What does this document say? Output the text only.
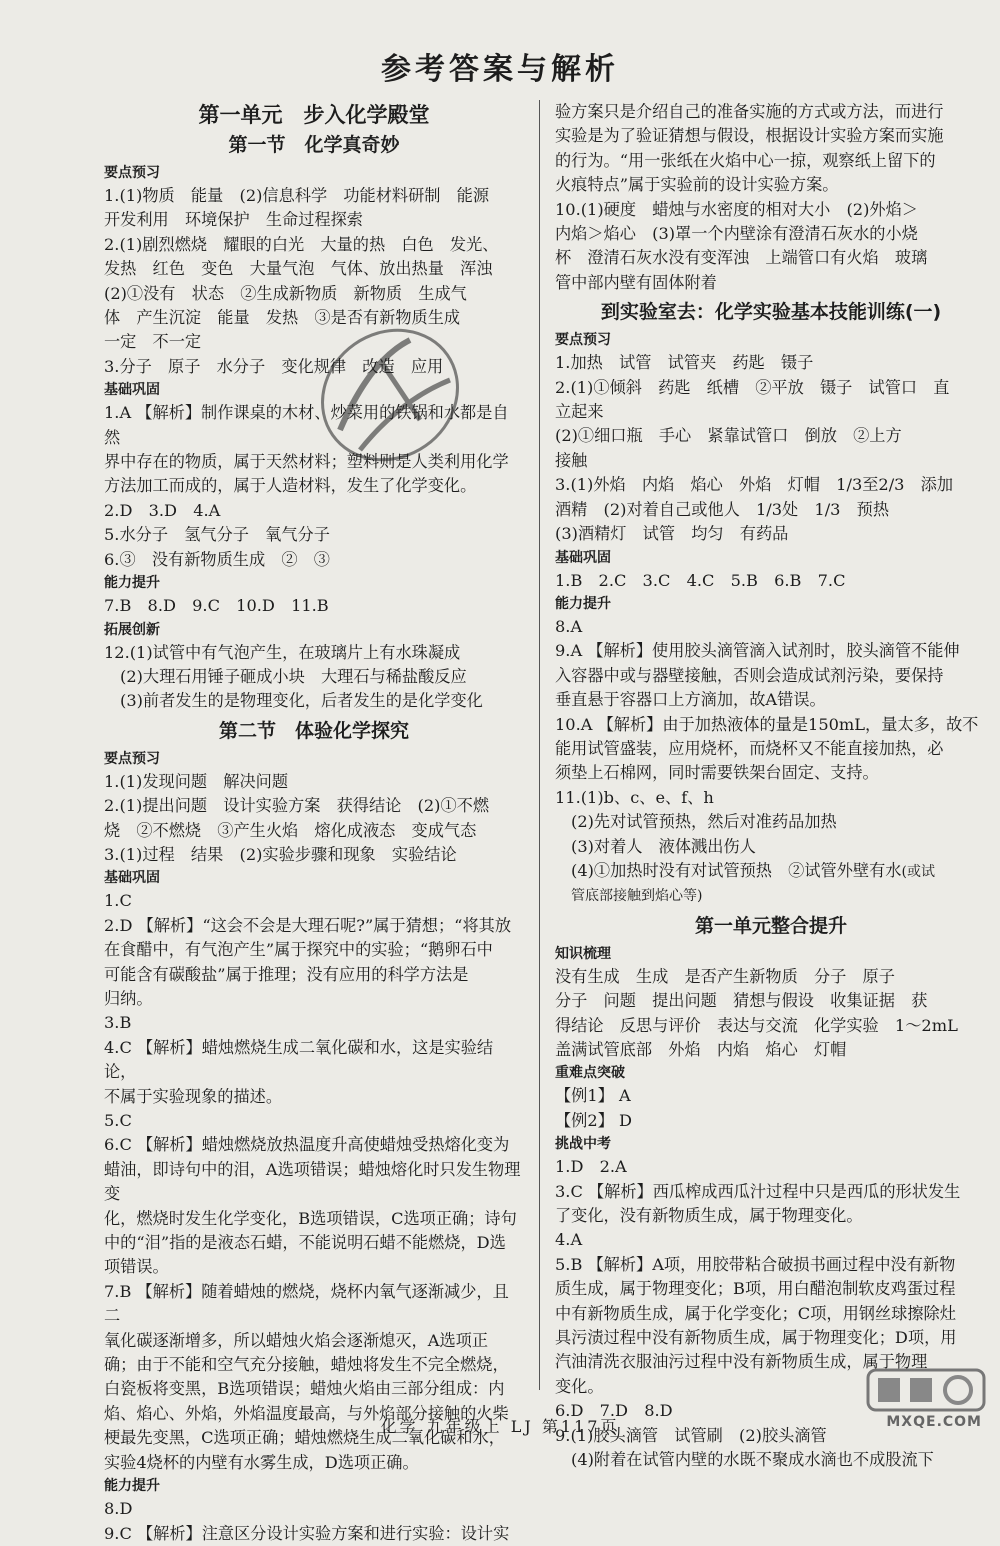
参考答案与解析

第一单元　步入化学殿堂

第一节　化学真奇妙

要点预习

1.(1)物质　能量　(2)信息科学　功能材料研制　能源

开发利用　环境保护　生命过程探索

2.(1)剧烈燃烧　耀眼的白光　大量的热　白色　发光、

发热　红色　变色　大量气泡　气体、放出热量　浑浊

(2)①没有　状态　②生成新物质　新物质　生成气

体　产生沉淀　能量　发热　③是否有新物质生成

一定　不一定

3.分子　原子　水分子　变化规律　改造　应用

基础巩固

1.A 【解析】制作课桌的木材、炒菜用的铁锅和水都是自然

界中存在的物质，属于天然材料；塑料则是人类利用化学

方法加工而成的，属于人造材料，发生了化学变化。

2.D　3.D　4.A

5.水分子　氢气分子　氧气分子

6.③　没有新物质生成　②　③

能力提升

7.B　8.D　9.C　10.D　11.B

拓展创新

12.(1)试管中有气泡产生，在玻璃片上有水珠凝成

(2)大理石用锤子砸成小块　大理石与稀盐酸反应

(3)前者发生的是物理变化，后者发生的是化学变化

第二节　体验化学探究

要点预习

1.(1)发现问题　解决问题

2.(1)提出问题　设计实验方案　获得结论　(2)①不燃

烧　②不燃烧　③产生火焰　熔化成液态　变成气态

3.(1)过程　结果　(2)实验步骤和现象　实验结论

基础巩固

1.C

2.D 【解析】“这会不会是大理石呢?”属于猜想；“将其放

在食醋中，有气泡产生”属于探究中的实验；“鹅卵石中

可能含有碳酸盐”属于推理；没有应用的科学方法是

归纳。

3.B

4.C 【解析】蜡烛燃烧生成二氧化碳和水，这是实验结论，

不属于实验现象的描述。

5.C

6.C 【解析】蜡烛燃烧放热温度升高使蜡烛受热熔化变为

蜡油，即诗句中的泪，A选项错误；蜡烛熔化时只发生物理变

化，燃烧时发生化学变化，B选项错误，C选项正确；诗句

中的“泪”指的是液态石蜡，不能说明石蜡不能燃烧，D选

项错误。

7.B 【解析】随着蜡烛的燃烧，烧杯内氧气逐渐减少，且二

氧化碳逐渐增多，所以蜡烛火焰会逐渐熄灭，A选项正

确；由于不能和空气充分接触，蜡烛将发生不完全燃烧，

白瓷板将变黑，B选项错误；蜡烛火焰由三部分组成：内

焰、焰心、外焰，外焰温度最高，与外焰部分接触的火柴

梗最先变黑，C选项正确；蜡烛燃烧生成二氧化碳和水，

实验4烧杯的内壁有水雾生成，D选项正确。

能力提升

8.D

9.C 【解析】注意区分设计实验方案和进行实验：设计实

验方案只是介绍自己的准备实施的方式或方法，而进行

实验是为了验证猜想与假设，根据设计实验方案而实施

的行为。“用一张纸在火焰中心一掠，观察纸上留下的

火痕特点”属于实验前的设计实验方案。

10.(1)硬度　蜡烛与水密度的相对大小　(2)外焰＞

内焰＞焰心　(3)罩一个内壁涂有澄清石灰水的小烧

杯　澄清石灰水没有变浑浊　上端管口有火焰　玻璃

管中部内壁有固体附着

到实验室去：化学实验基本技能训练(一)

要点预习

1.加热　试管　试管夹　药匙　镊子

2.(1)①倾斜　药匙　纸槽　②平放　镊子　试管口　直

立起来

(2)①细口瓶　手心　紧靠试管口　倒放　②上方

接触

3.(1)外焰　内焰　焰心　外焰　灯帽　1/3至2/3　添加

酒精　(2)对着自己或他人　1/3处　1/3　预热

(3)酒精灯　试管　均匀　有药品

基础巩固

1.B　2.C　3.C　4.C　5.B　6.B　7.C

能力提升

8.A

9.A 【解析】使用胶头滴管滴入试剂时，胶头滴管不能伸

入容器中或与器壁接触，否则会造成试剂污染，要保持

垂直悬于容器口上方滴加，故A错误。

10.A 【解析】由于加热液体的量是150mL，量太多，故不

能用试管盛装，应用烧杯，而烧杯又不能直接加热，必

须垫上石棉网，同时需要铁架台固定、支持。

11.(1)b、c、e、f、h

(2)先对试管预热，然后对准药品加热

(3)对着人　液体溅出伤人

(4)①加热时没有对试管预热　②试管外壁有水(或试

管底部接触到焰心等)

第一单元整合提升

知识梳理

没有生成　生成　是否产生新物质　分子　原子

分子　问题　提出问题　猜想与假设　收集证据　获

得结论　反思与评价　表达与交流　化学实验　1～2mL

盖满试管底部　外焰　内焰　焰心　灯帽

重难点突破

【例1】 A

【例2】 D

挑战中考

1.D　2.A

3.C 【解析】西瓜榨成西瓜汁过程中只是西瓜的形状发生

了变化，没有新物质生成，属于物理变化。

4.A

5.B 【解析】A项，用胶带粘合破损书画过程中没有新物

质生成，属于物理变化；B项，用白醋泡制软皮鸡蛋过程

中有新物质生成，属于化学变化；C项，用钢丝球擦除灶

具污渍过程中没有新物质生成，属于物理变化；D项，用

汽油清洗衣服油污过程中没有新物质生成，属于物理

变化。

6.D　7.D　8.D

9.(1)胶头滴管　试管刷　(2)胶头滴管

(4)附着在试管内壁的水既不聚成水滴也不成股流下

MXQE.COM
化学 九年级上 LJ 第117页
